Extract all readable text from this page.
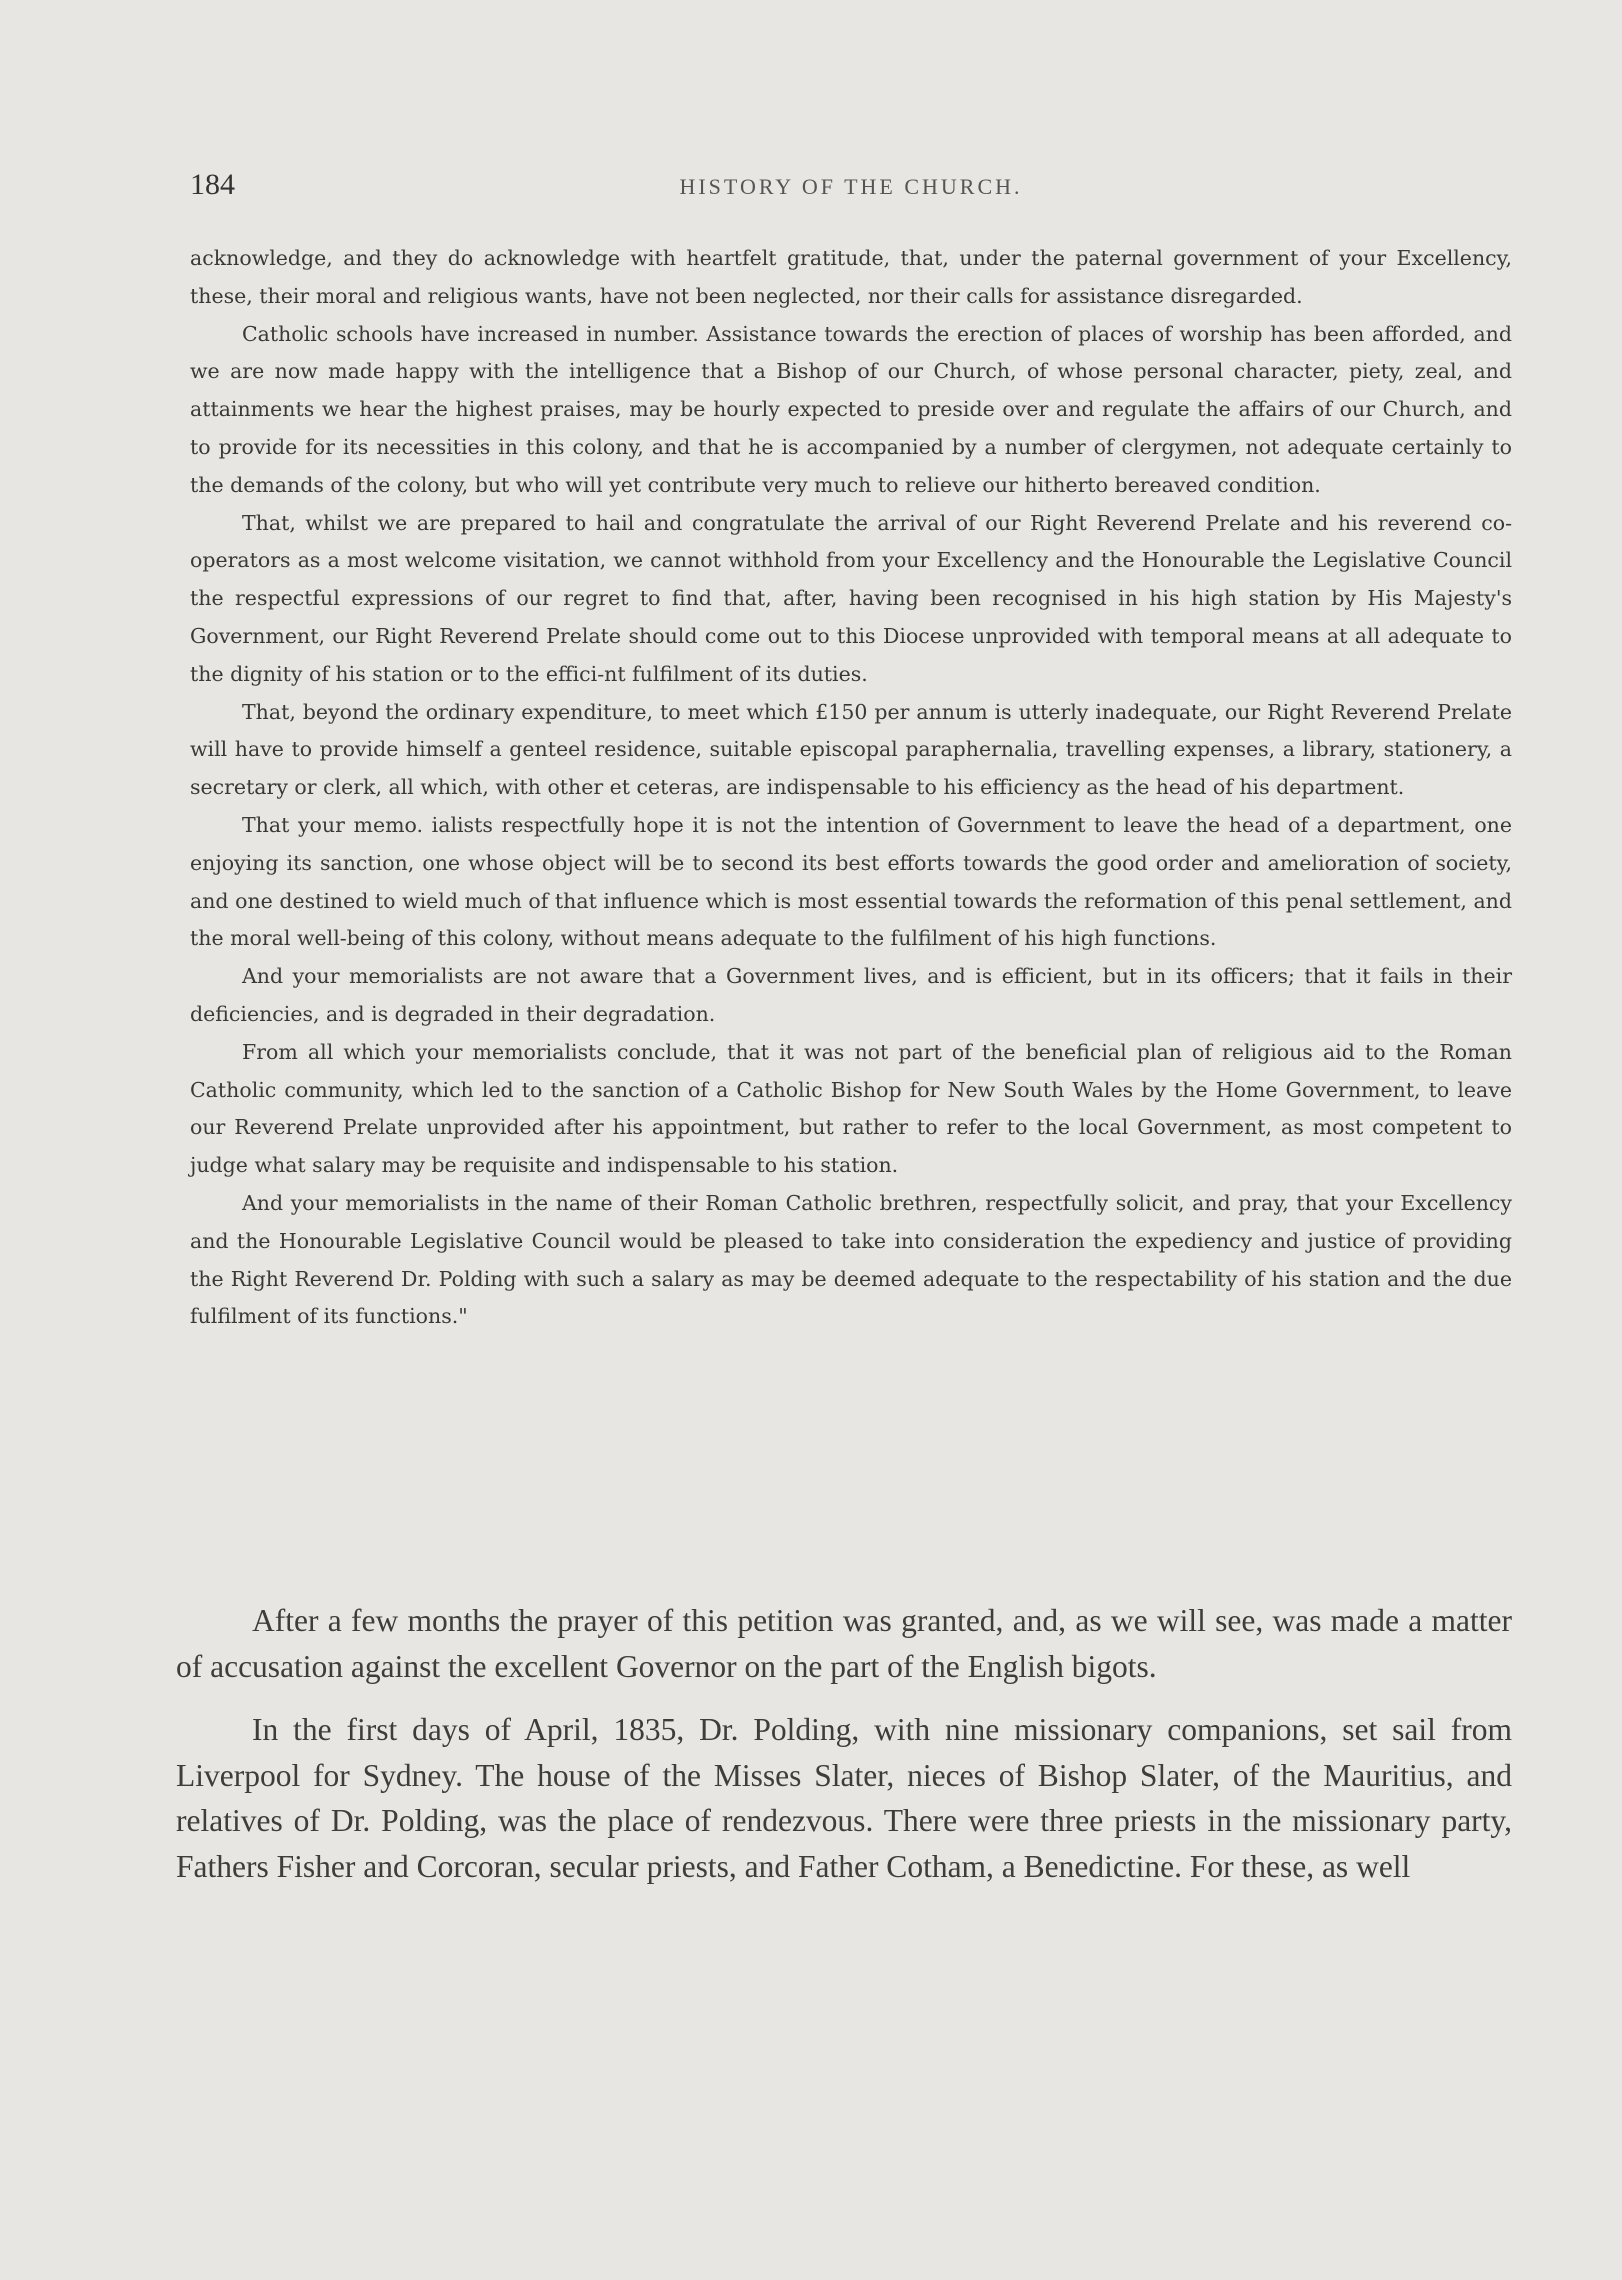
184	HISTORY OF THE CHURCH.

acknowledge, and they do acknowledge with heartfelt gratitude, that, under the paternal government of your Excellency, these, their moral and religious wants, have not been neglected, nor their calls for assistance disregarded.

Catholic schools have increased in number. Assistance towards the erection of places of worship has been afforded, and we are now made happy with the intelligence that a Bishop of our Church, of whose personal character, piety, zeal, and attainments we hear the highest praises, may be hourly expected to preside over and regulate the affairs of our Church, and to provide for its necessities in this colony, and that he is accompanied by a number of clergymen, not adequate certainly to the demands of the colony, but who will yet contribute very much to relieve our hitherto bereaved condition.

That, whilst we are prepared to hail and congratulate the arrival of our Right Reverend Prelate and his reverend co-operators as a most welcome visitation, we cannot withhold from your Excellency and the Honourable the Legislative Council the respectful expressions of our regret to find that, after, having been recognised in his high station by His Majesty's Government, our Right Reverend Prelate should come out to this Diocese unprovided with temporal means at all adequate to the dignity of his station or to the effici-nt fulfilment of its duties.

That, beyond the ordinary expenditure, to meet which £150 per annum is utterly inadequate, our Right Reverend Prelate will have to provide himself a genteel residence, suitable episcopal paraphernalia, travelling expenses, a library, stationery, a secretary or clerk, all which, with other et ceteras, are indispensable to his efficiency as the head of his department.

That your memo. ialists respectfully hope it is not the intention of Government to leave the head of a department, one enjoying its sanction, one whose object will be to second its best efforts towards the good order and amelioration of society, and one destined to wield much of that influence which is most essential towards the reformation of this penal settlement, and the moral well-being of this colony, without means adequate to the fulfilment of his high functions.

And your memorialists are not aware that a Government lives, and is efficient, but in its officers; that it fails in their deficiencies, and is degraded in their degradation.

From all which your memorialists conclude, that it was not part of the beneficial plan of religious aid to the Roman Catholic community, which led to the sanction of a Catholic Bishop for New South Wales by the Home Government, to leave our Reverend Prelate unprovided after his appointment, but rather to refer to the local Government, as most competent to judge what salary may be requisite and indispensable to his station.

And your memorialists in the name of their Roman Catholic brethren, respectfully solicit, and pray, that your Excellency and the Honourable Legislative Council would be pleased to take into consideration the expediency and justice of providing the Right Reverend Dr. Polding with such a salary as may be deemed adequate to the respectability of his station and the due fulfilment of its functions."

After a few months the prayer of this petition was granted, and, as we will see, was made a matter of accusation against the excellent Governor on the part of the English bigots.

In the first days of April, 1835, Dr. Polding, with nine missionary companions, set sail from Liverpool for Sydney. The house of the Misses Slater, nieces of Bishop Slater, of the Mauritius, and relatives of Dr. Polding, was the place of rendezvous. There were three priests in the missionary party, Fathers Fisher and Corcoran, secular priests, and Father Cotham, a Benedictine. For these, as well
